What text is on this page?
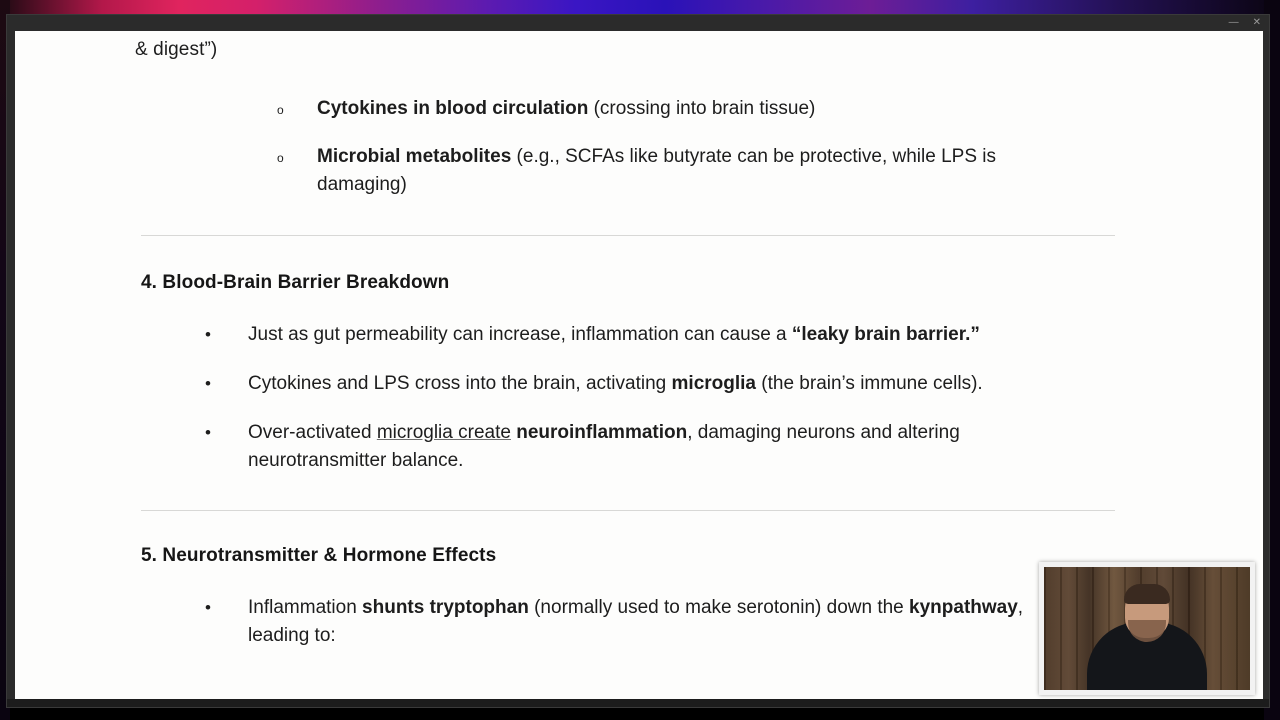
— ✕
& digest”)
o Cytokines in blood circulation (crossing into brain tissue)
o Microbial metabolites (e.g., SCFAs like butyrate can be protective, while LPS is damaging)
4. Blood-Brain Barrier Breakdown
• Just as gut permeability can increase, inflammation can cause a “leaky brain barrier.”
• Cytokines and LPS cross into the brain, activating microglia (the brain’s immune cells).
• Over-activated microglia create neuroinflammation, damaging neurons and altering neurotransmitter balance.
5. Neurotransmitter & Hormone Effects
• Inflammation shunts tryptophan (normally used to make serotonin) down the kynpathway, leading to:
